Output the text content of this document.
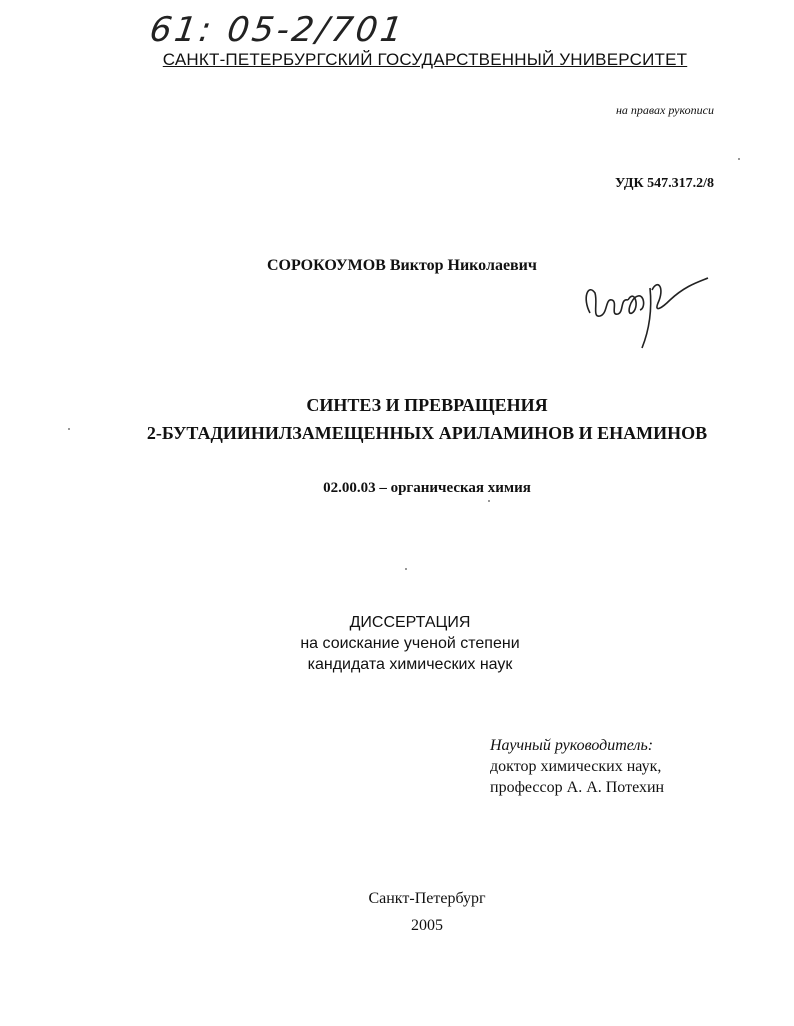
61: 05-2/701
САНКТ-ПЕТЕРБУРГСКИЙ ГОСУДАРСТВЕННЫЙ УНИВЕРСИТЕТ
на правах рукописи
УДК 547.317.2/8
СОРОКОУМОВ Виктор Николаевич
СИНТЕЗ И ПРЕВРАЩЕНИЯ
2-БУТАДИИНИЛЗАМЕЩЕННЫХ АРИЛАМИНОВ И ЕНАМИНОВ
02.00.03 – органическая химия
ДИССЕРТАЦИЯ
на соискание ученой степени
кандидата химических наук
Научный руководитель:
доктор химических наук,
профессор А. А. Потехин
Санкт-Петербург
2005
